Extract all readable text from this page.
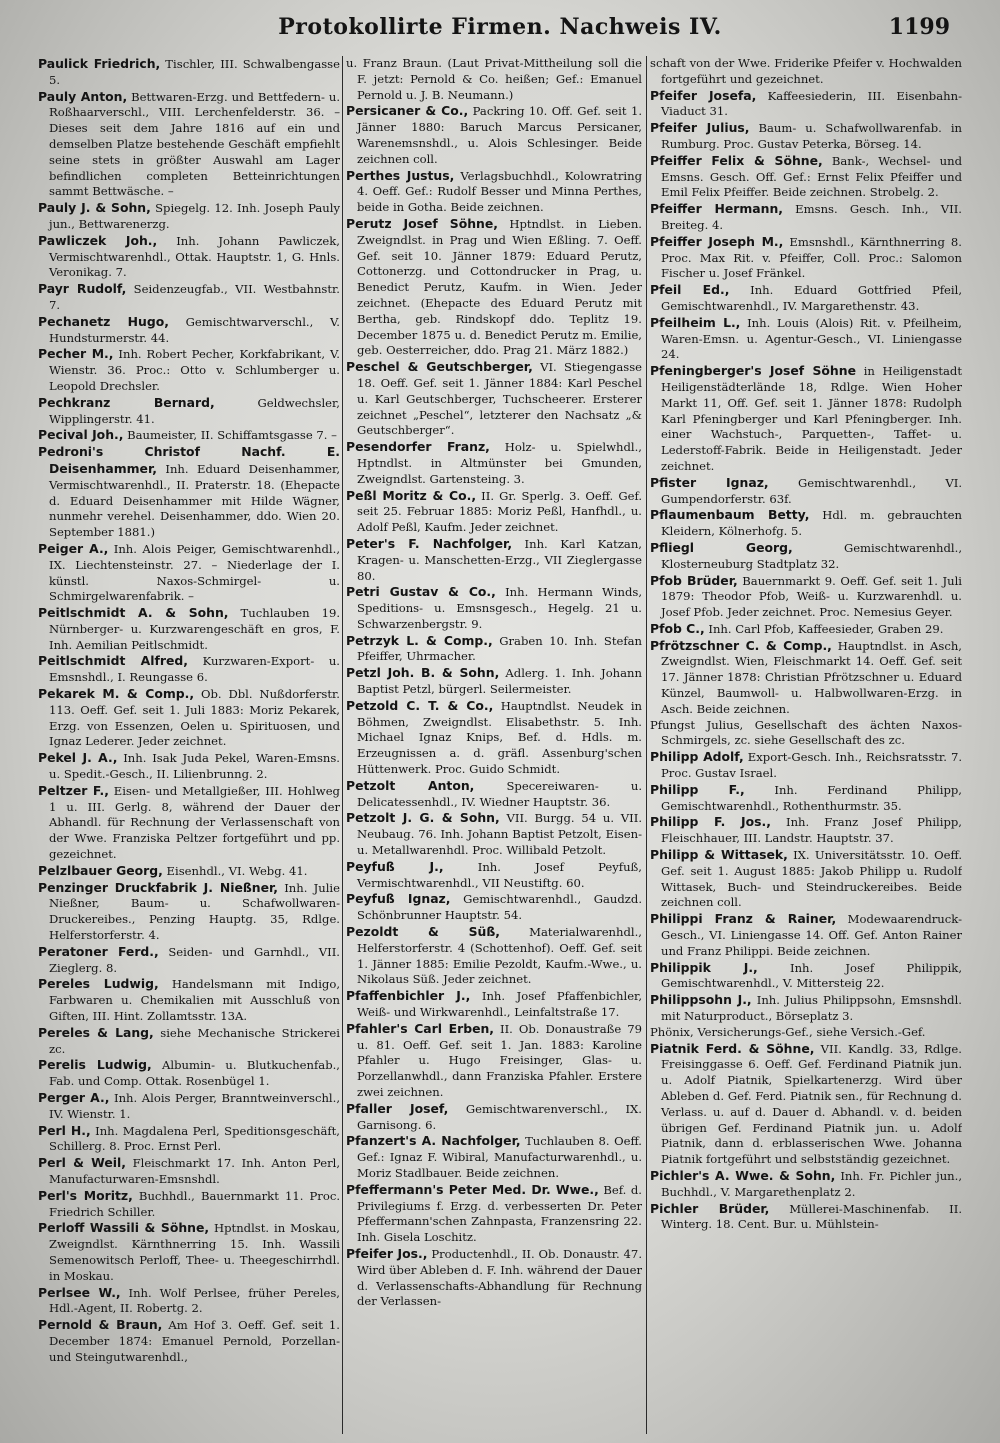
Protokollirte Firmen. Nachweis IV.	1199
Paulick Friedrich, Tischler, III. Schwalbengasse 5.
Pauly Anton, Bettwaren-Erzg. und Bettfedern- u. Roßhaarverschl., VIII. Lerchenfelderstr. 36. – Dieses seit dem Jahre 1816 auf ein und demselben Platze bestehende Geschäft empfiehlt seine stets in größter Auswahl am Lager befindlichen completen Betteinrichtungen sammt Bettwäsche. –
Pauly J. & Sohn, Spiegelg. 12. Inh. Joseph Pauly jun., Bettwarenerzg.
Pawliczek Joh., Inh. Johann Pawliczek, Vermischtwarenhdl., Ottak. Hauptstr. 1, G. Hnls. Veronikag. 7.
Payr Rudolf, Seidenzeugfab., VII. Westbahnstr. 7.
Pechanetz Hugo, Gemischtwarverschl., V. Hundsturmerstr. 44.
Pecher M., Inh. Robert Pecher, Korkfabrikant, V. Wienstr. 36. Proc.: Otto v. Schlumberger u. Leopold Drechsler.
Pechkranz Bernard,	Geldwechsler, Wipplingerstr. 41.
Pecival Joh., Baumeister, II. Schiffamtsgasse 7. –
Pedroni's Christof Nachf. E. Deisenhammer, Inh. Eduard Deisenhammer, Vermischtwarenhdl., II. Praterstr. 18. (Ehepacte d. Eduard Deisenhammer mit Hilde Wägner, nunmehr verehel. Deisenhammer, ddo. Wien 20. September 1881.)
Peiger A., Inh. Alois Peiger, Gemischtwarenhdl., IX. Liechtensteinstr. 27. – Niederlage der I. künstl. Naxos-Schmirgel- u. Schmirgelwarenfabrik. –
Peitlschmidt A. & Sohn, Tuchlauben 19. Nürnberger- u. Kurzwarengeschäft en gros, F. Inh. Aemilian Peitlschmidt.
Peitlschmidt Alfred, Kurzwaren-Export- u. Emsnshdl., I. Reungasse 6.
Pekarek M. & Comp., Ob. Dbl. Nußdorferstr. 113. Oeff. Gef. seit 1. Juli 1883: Moriz Pekarek, Erzg. von Essenzen, Oelen u. Spirituosen, und Ignaz Lederer. Jeder zeichnet.
Pekel J. A., Inh. Isak Juda Pekel, Waren-Emsns. u. Spedit.-Gesch., II. Lilienbrunng. 2.
Peltzer F., Eisen- und Metallgießer, III. Hohlweg 1 u. III. Gerlg. 8, während der Dauer der Abhandl. für Rechnung der Verlassenschaft von der Wwe. Franziska Peltzer fortgeführt und pp. gezeichnet.
Pelzlbauer Georg, Eisenhdl., VI. Webg. 41.
Penzinger Druckfabrik J. Nießner, Inh. Julie Nießner, Baum- u. Schafwollwaren-Druckereibes., Penzing Hauptg. 35, Rdlge. Helferstorferstr. 4.
Peratoner Ferd., Seiden- und Garnhdl., VII. Zieglerg. 8.
Pereles Ludwig, Handelsmann mit Indigo, Farbwaren u. Chemikalien mit Ausschluß von Giften, III. Hint. Zollamtsstr. 13A.
Pereles & Lang, siehe Mechanische Strickerei zc.
Perelis Ludwig, Albumin- u. Blutkuchenfab., Fab. und Comp. Ottak. Rosenbügel 1.
Perger A., Inh. Alois Perger, Branntweinverschl., IV. Wienstr. 1.
Perl H., Inh. Magdalena Perl, Speditionsgeschäft, Schillerg. 8. Proc. Ernst Perl.
Perl & Weil, Fleischmarkt 17. Inh. Anton Perl, Manufacturwaren-Emsnshdl.
Perl's Moritz, Buchhdl., Bauernmarkt 11. Proc. Friedrich Schiller.
Perloff Wassili & Söhne, Hptndlst. in Moskau, Zweigndlst. Kärnthnerring 15. Inh. Wassili Semenowitsch Perloff, Thee- u. Theegeschirrhdl. in Moskau.
Perlsee W., Inh. Wolf Perlsee, früher Pereles, Hdl.-Agent, II. Robertg. 2.
Pernold & Braun, Am Hof 3. Oeff. Gef. seit 1. December 1874: Emanuel Pernold, Porzellan- und Steingutwarenhdl.,
u. Franz Braun. (Laut Privat-Mittheilung soll die F. jetzt: Pernold & Co. heißen; Gef.: Emanuel Pernold u. J. B. Neumann.)
Persicaner & Co., Packring 10. Off. Gef. seit 1. Jänner 1880: Baruch Marcus Persicaner, Warenemsnshdl., u. Alois Schlesinger. Beide zeichnen coll.
Perthes Justus, Verlagsbuchhdl., Kolowratring 4. Oeff. Gef.: Rudolf Besser und Minna Perthes, beide in Gotha. Beide zeichnen.
Perutz Josef Söhne, Hptndlst. in Lieben. Zweigndlst. in Prag und Wien Eßling. 7. Oeff. Gef. seit 10. Jänner 1879: Eduard Perutz, Cottonerzg. und Cottondrucker in Prag, u. Benedict Perutz, Kaufm. in Wien. Jeder zeichnet. (Ehepacte des Eduard Perutz mit Bertha, geb. Rindskopf ddo. Teplitz 19. December 1875 u. d. Benedict Perutz m. Emilie, geb. Oesterreicher, ddo. Prag 21. März 1882.)
Peschel & Geutschberger, VI. Stiegengasse 18. Oeff. Gef. seit 1. Jänner 1884: Karl Peschel u. Karl Geutschberger, Tuchscheerer. Ersterer zeichnet „Peschel“, letzterer den Nachsatz „& Geutschberger“.
Pesendorfer Franz, Holz- u. Spielwhdl., Hptndlst. in Altmünster bei Gmunden, Zweigndlst. Gartensteing. 3.
Peßl Moritz & Co., II. Gr. Sperlg. 3. Oeff. Gef. seit 25. Februar 1885: Moriz Peßl, Hanfhdl., u. Adolf Peßl, Kaufm. Jeder zeichnet.
Peter's F. Nachfolger, Inh. Karl Katzan, Kragen- u. Manschetten-Erzg., VII Zieglergasse 80.
Petri Gustav & Co., Inh. Hermann Winds, Speditions- u. Emsnsgesch., Hegelg. 21 u. Schwarzenbergstr. 9.
Petrzyk L. & Comp., Graben 10. Inh. Stefan Pfeiffer, Uhrmacher.
Petzl Joh. B. & Sohn, Adlerg. 1. Inh. Johann Baptist Petzl, bürgerl. Seilermeister.
Petzold C. T. & Co., Hauptndlst. Neudek in Böhmen, Zweigndlst. Elisabethstr. 5. Inh. Michael Ignaz Knips, Bef. d. Hdls. m. Erzeugnissen a. d. gräfl. Assenburg'schen Hüttenwerk. Proc. Guido Schmidt.
Petzolt Anton,	Specereiwaren- u. Delicatessenhdl., IV. Wiedner Hauptstr. 36.
Petzolt J. G. & Sohn, VII. Burgg. 54 u. VII. Neubaug. 76. Inh. Johann Baptist Petzolt, Eisen- u. Metallwarenhdl. Proc. Willibald Petzolt.
Peyfuß J.,	Inh. Josef Peyfuß, Vermischtwarenhdl., VII Neustiftg. 60.
Peyfuß Ignaz, Gemischtwarenhdl., Gaudzd. Schönbrunner Hauptstr. 54.
Pezoldt & Süß,	Materialwarenhdl., Helferstorferstr. 4 (Schottenhof). Oeff. Gef. seit 1. Jänner 1885: Emilie Pezoldt, Kaufm.-Wwe., u. Nikolaus Süß. Jeder zeichnet.
Pfaffenbichler J., Inh. Josef Pfaffenbichler, Weiß- und Wirkwarenhdl., Leinfaltstraße 17.
Pfahler's Carl Erben, II. Ob. Donaustraße 79 u. 81. Oeff. Gef. seit 1. Jan. 1883: Karoline Pfahler u. Hugo Freisinger, Glas- u. Porzellanwhdl., dann Franziska Pfahler. Erstere zwei zeichnen.
Pfaller Josef, Gemischtwarenverschl., IX. Garnisong. 6.
Pfanzert's A. Nachfolger, Tuchlauben 8. Oeff. Gef.: Ignaz F. Wibiral, Manufacturwarenhdl., u. Moriz Stadlbauer. Beide zeichnen.
Pfeffermann's Peter Med. Dr. Wwe., Bef. d. Privilegiums f. Erzg. d. verbesserten Dr. Peter Pfeffermann'schen Zahnpasta, Franzensring 22. Inh. Gisela Loschitz.
Pfeifer Jos., Productenhdl., II. Ob. Donaustr. 47. Wird über Ableben d. F. Inh. während der Dauer d. Verlassenschafts-Abhandlung für Rechnung der Verlassen-
schaft von der Wwe. Friderike Pfeifer v. Hochwalden fortgeführt und gezeichnet.
Pfeifer Josefa, Kaffeesiederin, III. Eisenbahn-Viaduct 31.
Pfeifer Julius, Baum- u. Schafwollwarenfab. in Rumburg. Proc. Gustav Peterka, Börseg. 14.
Pfeiffer Felix & Söhne, Bank-, Wechsel- und Emsns. Gesch. Off. Gef.: Ernst Felix Pfeiffer und Emil Felix Pfeiffer. Beide zeichnen. Strobelg. 2.
Pfeiffer Hermann, Emsns. Gesch. Inh., VII. Breiteg. 4.
Pfeiffer Joseph M., Emsnshdl., Kärnthnerring 8. Proc. Max Rit. v. Pfeiffer, Coll. Proc.: Salomon Fischer u. Josef Fränkel.
Pfeil Ed., Inh. Eduard Gottfried Pfeil, Gemischtwarenhdl., IV. Margarethenstr. 43.
Pfeilheim L., Inh. Louis (Alois) Rit. v. Pfeilheim, Waren-Emsn. u. Agentur-Gesch., VI. Liniengasse 24.
Pfeningberger's Josef Söhne in Heiligenstadt Heiligenstädterlände 18, Rdlge. Wien Hoher Markt 11, Off. Gef. seit 1. Jänner 1878: Rudolph Karl Pfeningberger und Karl Pfeningberger. Inh. einer Wachstuch-, Parquetten-, Taffet- u. Lederstoff-Fabrik. Beide in Heiligenstadt. Jeder zeichnet.
Pfister Ignaz,	Gemischtwarenhdl., VI. Gumpendorferstr. 63f.
Pflaumenbaum Betty, Hdl. m. gebrauchten Kleidern, Kölnerhofg. 5.
Pfliegl Georg,	Gemischtwarenhdl., Klosterneuburg Stadtplatz 32.
Pfob Brüder, Bauernmarkt 9. Oeff. Gef. seit 1. Juli 1879: Theodor Pfob, Weiß- u. Kurzwarenhdl. u. Josef Pfob. Jeder zeichnet. Proc. Nemesius Geyer.
Pfob C., Inh. Carl Pfob, Kaffeesieder, Graben 29.
Pfrötzschner C. & Comp., Hauptndlst. in Asch, Zweigndlst. Wien, Fleischmarkt 14. Oeff. Gef. seit 17. Jänner 1878: Christian Pfrötzschner u. Eduard Künzel, Baumwoll- u. Halbwollwaren-Erzg. in Asch. Beide zeichnen.
Pfungst Julius, Gesellschaft des ächten Naxos-Schmirgels, zc. siehe Gesellschaft des zc.
Philipp Adolf, Export-Gesch. Inh., Reichsratsstr. 7. Proc. Gustav Israel.
Philipp F.,	Inh. Ferdinand Philipp, Gemischtwarenhdl., Rothenthurmstr. 35.
Philipp F. Jos., Inh. Franz Josef Philipp, Fleischhauer, III. Landstr. Hauptstr. 37.
Philipp & Wittasek, IX. Universitätsstr. 10. Oeff. Gef. seit 1. August 1885: Jakob Philipp u. Rudolf Wittasek, Buch- und Steindruckereibes. Beide zeichnen coll.
Philippi Franz & Rainer, Modewaarendruck-Gesch., VI. Liniengasse 14. Off. Gef. Anton Rainer und Franz Philippi. Beide zeichnen.
Philippik J.,	Inh. Josef Philippik, Gemischtwarenhdl., V. Mittersteig 22.
Philippsohn J., Inh. Julius Philippsohn, Emsnshdl. mit Naturproduct., Börseplatz 3.
Phönix, Versicherungs-Gef., siehe Versich.-Gef.
Piatnik Ferd. & Söhne, VII. Kandlg. 33, Rdlge. Freisinggasse 6. Oeff. Gef. Ferdinand Piatnik jun. u. Adolf Piatnik, Spielkartenerzg. Wird über Ableben d. Gef. Ferd. Piatnik sen., für Rechnung d. Verlass. u. auf d. Dauer d. Abhandl. v. d. beiden übrigen Gef. Ferdinand Piatnik jun. u. Adolf Piatnik, dann d. erblasserischen Wwe. Johanna Piatnik fortgeführt und selbstständig gezeichnet.
Pichler's A. Wwe. & Sohn, Inh. Fr. Pichler jun., Buchhdl., V. Margarethenplatz 2.
Pichler Brüder, Müllerei-Maschinenfab. II. Winterg. 18. Cent. Bur. u. Mühlstein-
